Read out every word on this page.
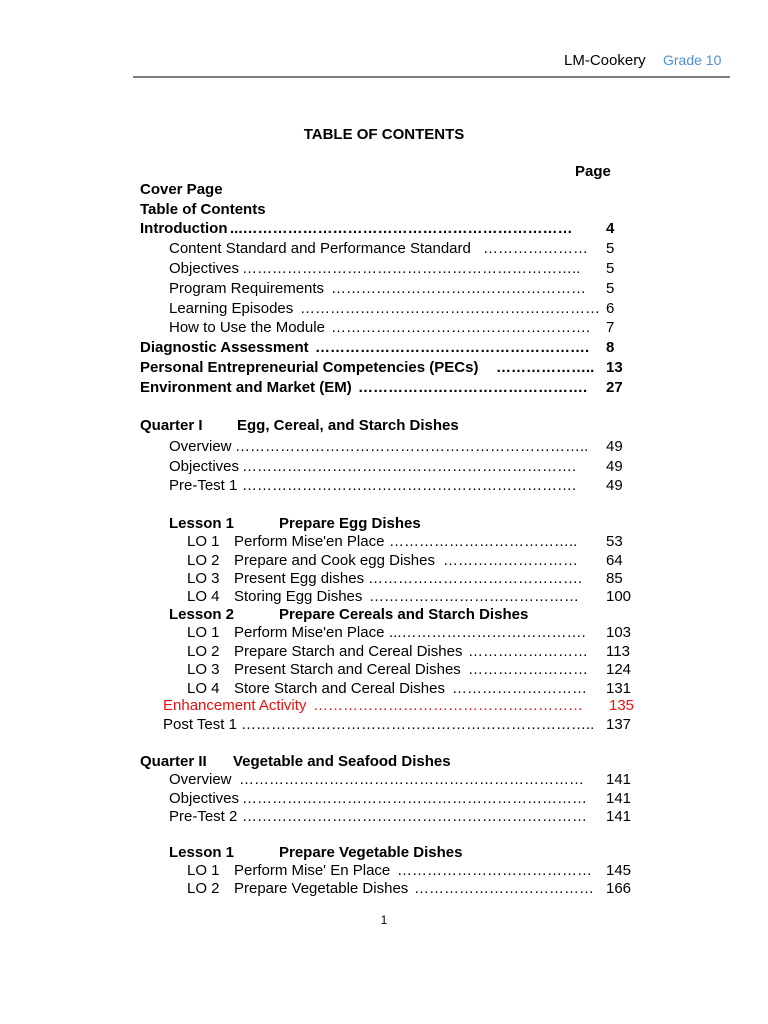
LM-Cookery Grade 10
TABLE OF CONTENTS
Page
Cover Page
Table of Contents
Introduction ...………………………………………………………… 4
Content Standard and Performance Standard ………………… 5
Objectives ………………………………………………………….. 5
Program Requirements …………………………………………… 5
Learning Episodes …………………………………………………… 6
How to Use the Module ……………………………………………. 7
Diagnostic Assessment ………………………………………………. 8
Personal Entrepreneurial Competencies (PECs) ……………….. 13
Environment and Market (EM) ………………………………………. 27
Quarter I Egg, Cereal, and Starch Dishes
Overview …………………………………………………………….. 49
Objectives …………………………………………………………. 49
Pre-Test 1 …………………………………………………………. 49
Lesson 1	Prepare Egg Dishes
LO 1 Perform Mise'en Place ……………………………….. 53
LO 2 Prepare and Cook egg Dishes ……………………… 64
LO 3 Present Egg dishes ……………………………………. 85
LO 4 Storing Egg Dishes …………………………………… 100
Lesson 2	Prepare Cereals and Starch Dishes
LO 1 Perform Mise'en Place ...………………………………. 103
LO 2 Prepare Starch and Cereal Dishes …………………… 113
LO 3 Present Starch and Cereal Dishes …………………… 124
LO 4 Store Starch and Cereal Dishes ……………………… 131
Enhancement Activity ……………………………………………… 135
Post Test 1 …………………………………………………………….. 137
Quarter II Vegetable and Seafood Dishes
Overview …………………………………………………………… 141
Objectives …………………………………………………………… 141
Pre-Test 2 …………………………………………………………… 141
Lesson 1	Prepare Vegetable Dishes
LO 1 Perform Mise' En Place ………………………………… 145
LO 2 Prepare Vegetable Dishes ……………………………… 166
1
